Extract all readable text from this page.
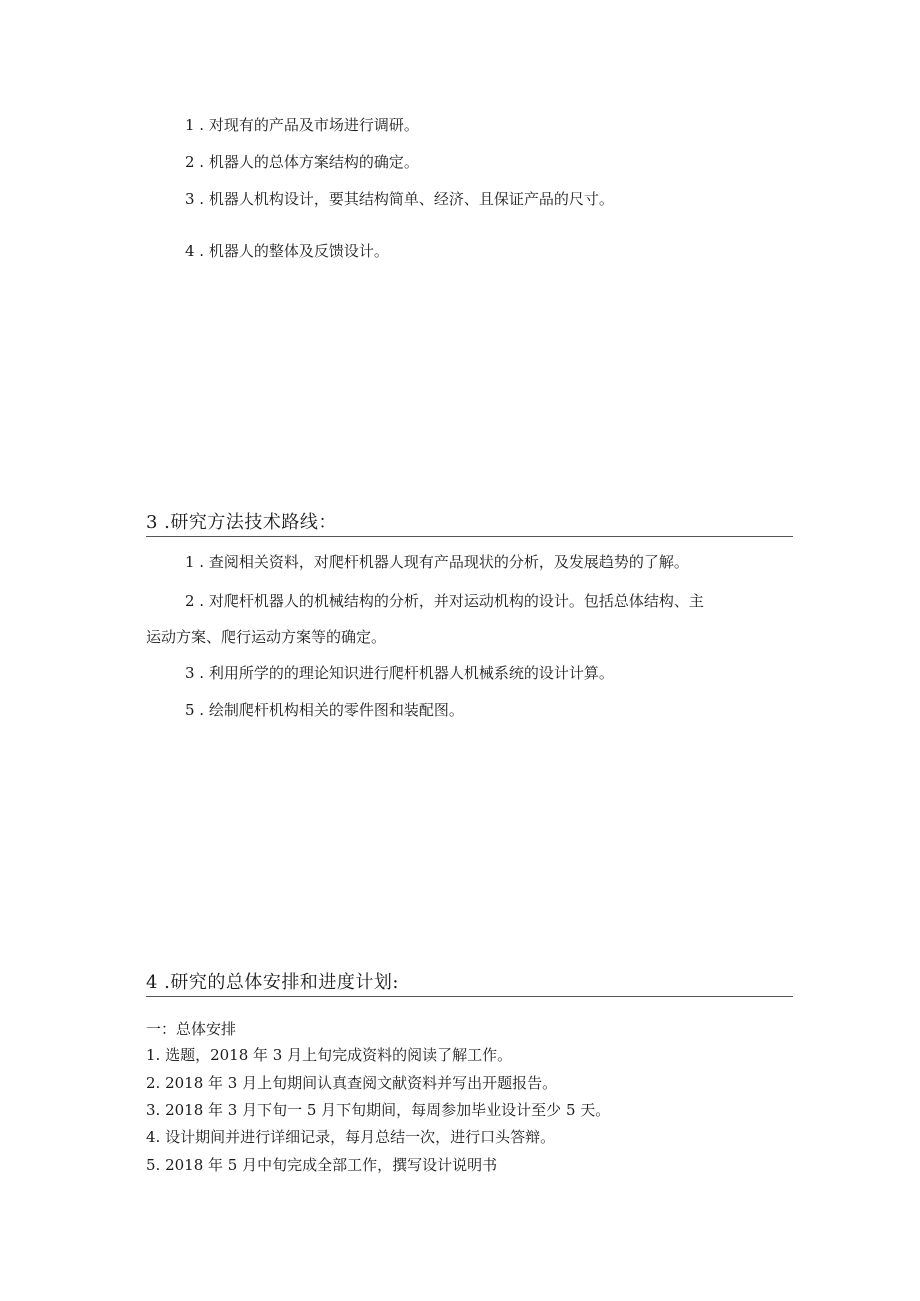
1 . 对现有的产品及市场进行调研。
2 . 机器人的总体方案结构的确定。
3 . 机器人机构设计，要其结构简单、经济、且保证产品的尺寸。
4 . 机器人的整体及反馈设计。
3 .研究方法技术路线：
1 . 查阅相关资料，对爬杆机器人现有产品现状的分析，及发展趋势的了解。
2 . 对爬杆机器人的机械结构的分析，并对运动机构的设计。包括总体结构、主
运动方案、爬行运动方案等的确定。
3 . 利用所学的的理论知识进行爬杆机器人机械系统的设计计算。
5 . 绘制爬杆机构相关的零件图和装配图。
4 .研究的总体安排和进度计划:
一：总体安排
1. 选题，2018 年 3 月上旬完成资料的阅读了解工作。
2. 2018 年 3 月上旬期间认真查阅文献资料并写出开题报告。
3. 2018 年 3 月下旬一 5 月下旬期间，每周参加毕业设计至少 5 天。
4. 设计期间并进行详细记录，每月总结一次，进行口头答辩。
5. 2018 年 5 月中旬完成全部工作，撰写设计说明书
